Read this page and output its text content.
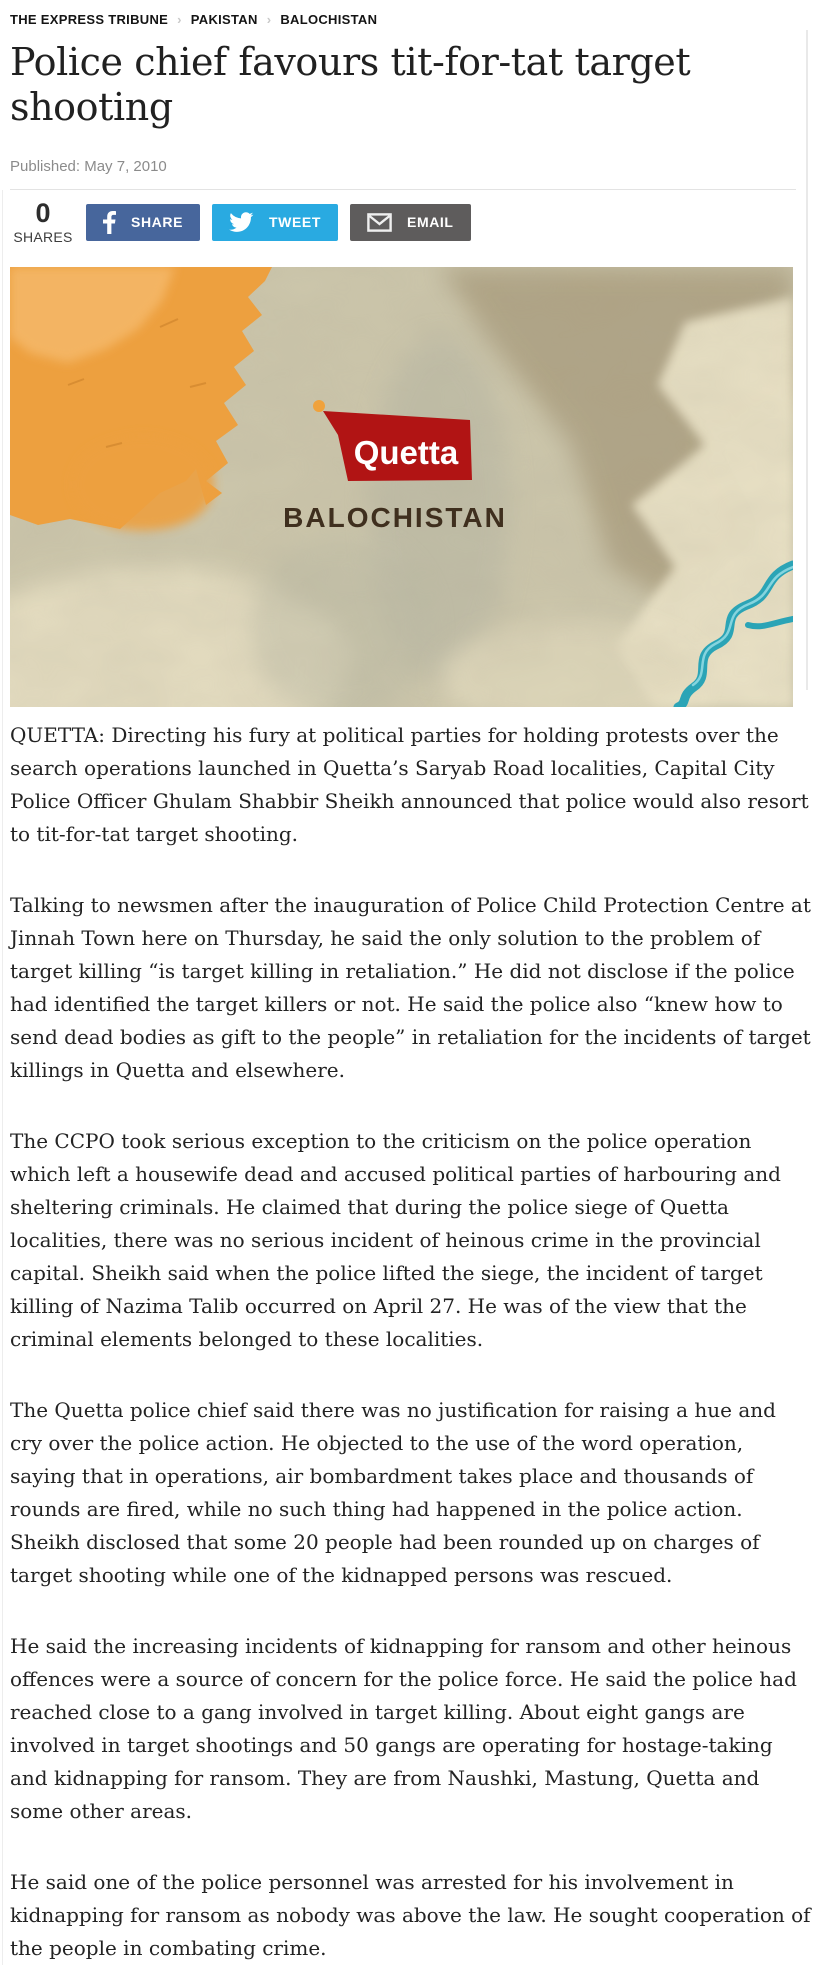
THE EXPRESS TRIBUNE › PAKISTAN › BALOCHISTAN
Police chief favours tit-for-tat target shooting
Published: May 7, 2010
0
SHARES
SHARE	TWEET	EMAIL
Quetta
BALOCHISTAN

QUETTA: Directing his fury at political parties for holding protests over the search operations launched in Quetta’s Saryab Road localities, Capital City Police Officer Ghulam Shabbir Sheikh announced that police would also resort to tit-for-tat target shooting.

Talking to newsmen after the inauguration of Police Child Protection Centre at Jinnah Town here on Thursday, he said the only solution to the problem of target killing “is target killing in retaliation.” He did not disclose if the police had identified the target killers or not. He said the police also “knew how to send dead bodies as gift to the people” in retaliation for the incidents of target killings in Quetta and elsewhere.

The CCPO took serious exception to the criticism on the police operation which left a housewife dead and accused political parties of harbouring and sheltering criminals. He claimed that during the police siege of Quetta localities, there was no serious incident of heinous crime in the provincial capital. Sheikh said when the police lifted the siege, the incident of target killing of Nazima Talib occurred on April 27. He was of the view that the criminal elements belonged to these localities.

The Quetta police chief said there was no justification for raising a hue and cry over the police action. He objected to the use of the word operation, saying that in operations, air bombardment takes place and thousands of rounds are fired, while no such thing had happened in the police action. Sheikh disclosed that some 20 people had been rounded up on charges of target shooting while one of the kidnapped persons was rescued.

He said the increasing incidents of kidnapping for ransom and other heinous offences were a source of concern for the police force. He said the police had reached close to a gang involved in target killing. About eight gangs are involved in target shootings and 50 gangs are operating for hostage-taking and kidnapping for ransom. They are from Naushki, Mastung, Quetta and some other areas.

He said one of the police personnel was arrested for his involvement in kidnapping for ransom as nobody was above the law. He sought cooperation of the people in combating crime.
